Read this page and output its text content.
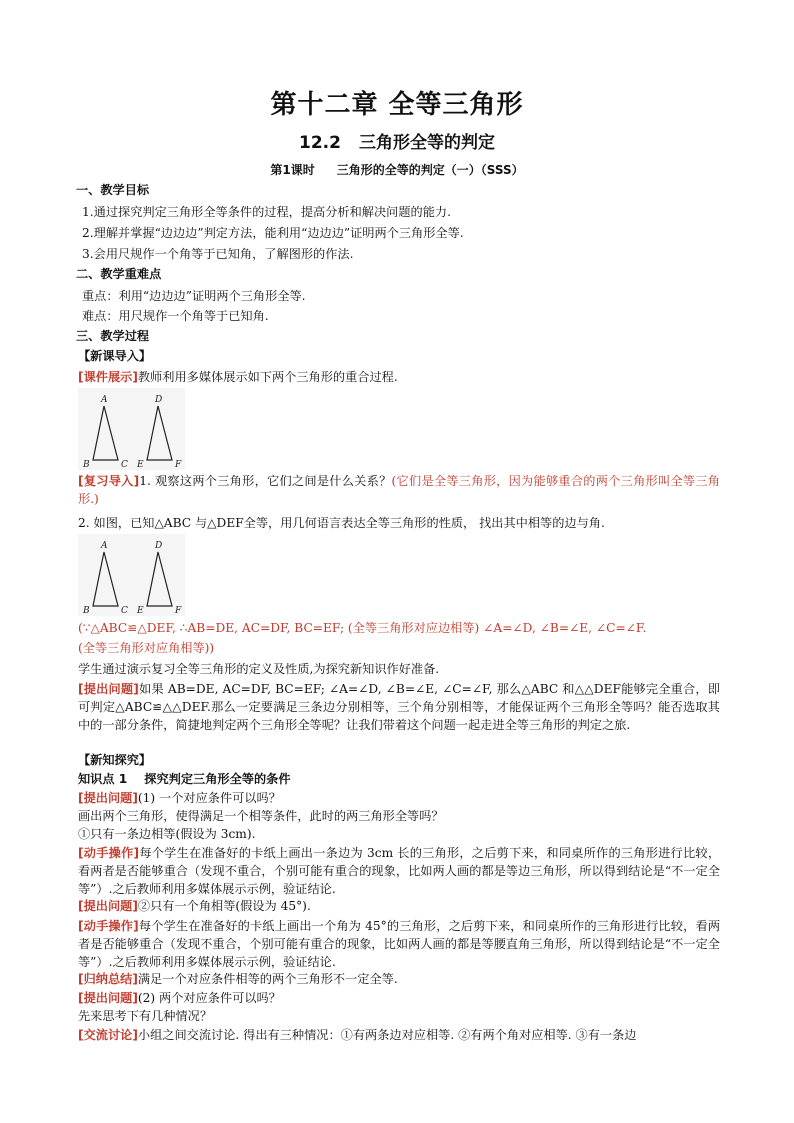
第十二章 全等三角形
12.2 三角形全等的判定
第1课时 三角形的全等的判定（一）（SSS）
一、教学目标
1.通过探究判定三角形全等条件的过程，提高分析和解决问题的能力.
2.理解并掌握“边边边”判定方法，能利用“边边边”证明两个三角形全等.
3.会用尺规作一个角等于已知角，了解图形的作法.
二、教学重难点
重点：利用“边边边”证明两个三角形全等.
难点：用尺规作一个角等于已知角.
三、教学过程
【新课导入】
[课件展示]教师利用多媒体展示如下两个三角形的重合过程.
A
B	C
D
E	F
[复习导入]1. 观察这两个三角形，它们之间是什么关系？(它们是全等三角形，因为能够重合的两个三角形叫全等三角形.)
2. 如图，已知△ABC 与△DEF全等，用几何语言表达全等三角形的性质， 找出其中相等的边与角.
A
B	C
D
E	F
(∵△ABC≌△DEF, ∴AB=DE, AC=DF, BC=EF; (全等三角形对应边相等) ∠A=∠D, ∠B=∠E, ∠C=∠F.
(全等三角形对应角相等))
学生通过演示复习全等三角形的定义及性质,为探究新知识作好准备.
[提出问题]如果 AB=DE, AC=DF, BC=EF; ∠A=∠D, ∠B=∠E, ∠C=∠F, 那么△ABC 和△△DEF能够完全重合，即可判定△ABC≌△△DEF.那么一定要满足三条边分别相等，三个角分别相等，才能保证两个三角形全等吗？能否选取其中的一部分条件，简捷地判定两个三角形全等呢？让我们带着这个问题一起走进全等三角形的判定之旅.
【新知探究】
知识点 1 探究判定三角形全等的条件
[提出问题](1) 一个对应条件可以吗？
画出两个三角形，使得满足一个相等条件，此时的两三角形全等吗？
①只有一条边相等(假设为 3cm).
[动手操作]每个学生在准备好的卡纸上画出一条边为 3cm 长的三角形，之后剪下来，和同桌所作的三角形进行比较，看两者是否能够重合（发现不重合，个别可能有重合的现象，比如两人画的都是等边三角形，所以得到结论是“不一定全等”）.之后教师利用多媒体展示示例，验证结论.
[提出问题]②只有一个角相等(假设为 45°).
[动手操作]每个学生在准备好的卡纸上画出一个角为 45°的三角形，之后剪下来，和同桌所作的三角形进行比较，看两者是否能够重合（发现不重合，个别可能有重合的现象，比如两人画的都是等腰直角三角形，所以得到结论是“不一定全等”）.之后教师利用多媒体展示示例，验证结论.
[归纳总结]满足一个对应条件相等的两个三角形不一定全等.
[提出问题](2) 两个对应条件可以吗？
先来思考下有几种情况？
[交流讨论]小组之间交流讨论. 得出有三种情况：①有两条边对应相等. ②有两个角对应相等. ③有一条边
